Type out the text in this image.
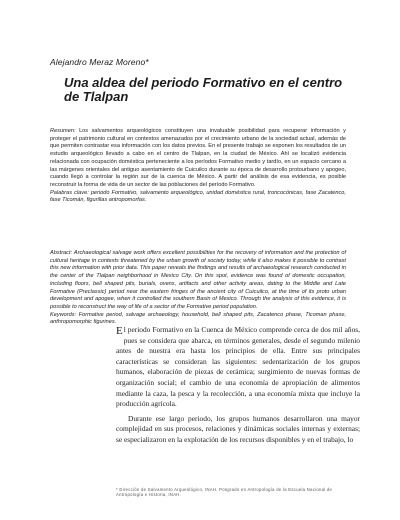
Alejandro Meraz Moreno*
Una aldea del periodo Formativo en el centro de Tlalpan

Resumen: Los salvamentos arqueológicos constituyen una invaluable posibilidad para recuperar información y proteger el patrimonio cultural en contextos amenazados por el crecimiento urbano de la sociedad actual, además de que permiten contrastar esa información con los datos previos. En el presente trabajo se exponen los resultados de un estudio arqueológico llevado a cabo en el centro de Tlalpan, en la ciudad de México. Ahí se localizó evidencia relacionada con ocupación doméstica perteneciente a los períodos Formativo medio y tardío, en un espacio cercano a las márgenes orientales del antiguo asentamiento de Cuicuilco durante su época de desarrollo protourbano y apogeo, cuando llegó a controlar la región sur de la cuenca de México. A partir del análisis de esa evidencia, es posible reconstruir la forma de vida de un sector de las poblaciones del período Formativo.
Palabras clave: periodo Formativo, salvamento arqueológico, unidad doméstica rural, troncocónicas, fase Zacatenco, fase Ticomán, figurillas antropomorfas.

Abstract: Archaeological salvage work offers excellent possibilities for the recovery of information and the protection of cultural heritage in contexts threatened by the urban growth of society today, while it also makes it possible to contrast this new information with prior data. This paper reveals the findings and results of archaeological research conducted in the center of the Tlalpan neighborhood in Mexico City. On this spot, evidence was found of domestic occupation, including floors, bell shaped pits, burials, ovens, artifacts and other activity areas, dating to the Middle and Late Formative (Preclassic) period near the eastern fringes of the ancient city of Cuicuilco, at the time of its proto urban development and apogee, when it controlled the southern Basin of Mexico. Through the analysis of this evidence, it is possible to reconstruct the way of life of a sector of the Formative period population.
Keywords: Formative period, salvage archaeology, household, bell shaped pits, Zacatenco phase, Ticoman phase, anthropomorphic figurines.

E l periodo Formativo en la Cuenca de México comprende cerca de dos mil años, pues se considera que abarca, en términos generales, desde el segundo milenio antes de nuestra era hasta los principios de ella. Entre sus principales características se consideran las siguientes: sedentarización de los grupos humanos, elaboración de piezas de cerámica; surgimiento de nuevas formas de organización social; el cambio de una economía de apropiación de alimentos mediante la caza, la pesca y la recolección, a una economía mixta que incluye la producción agrícola.

Durante ese largo periodo, los grupos humanos desarrollaron una mayor complejidad en sus procesos, relaciones y dinámicas sociales internas y externas; se especializaron en la explotación de los recursos disponibles y en el trabajo, lo

* Dirección de Salvamento Arqueológico, INAH. Posgrado en Antropología de la Escuela Nacional de Antropología e Historia, INAH.
